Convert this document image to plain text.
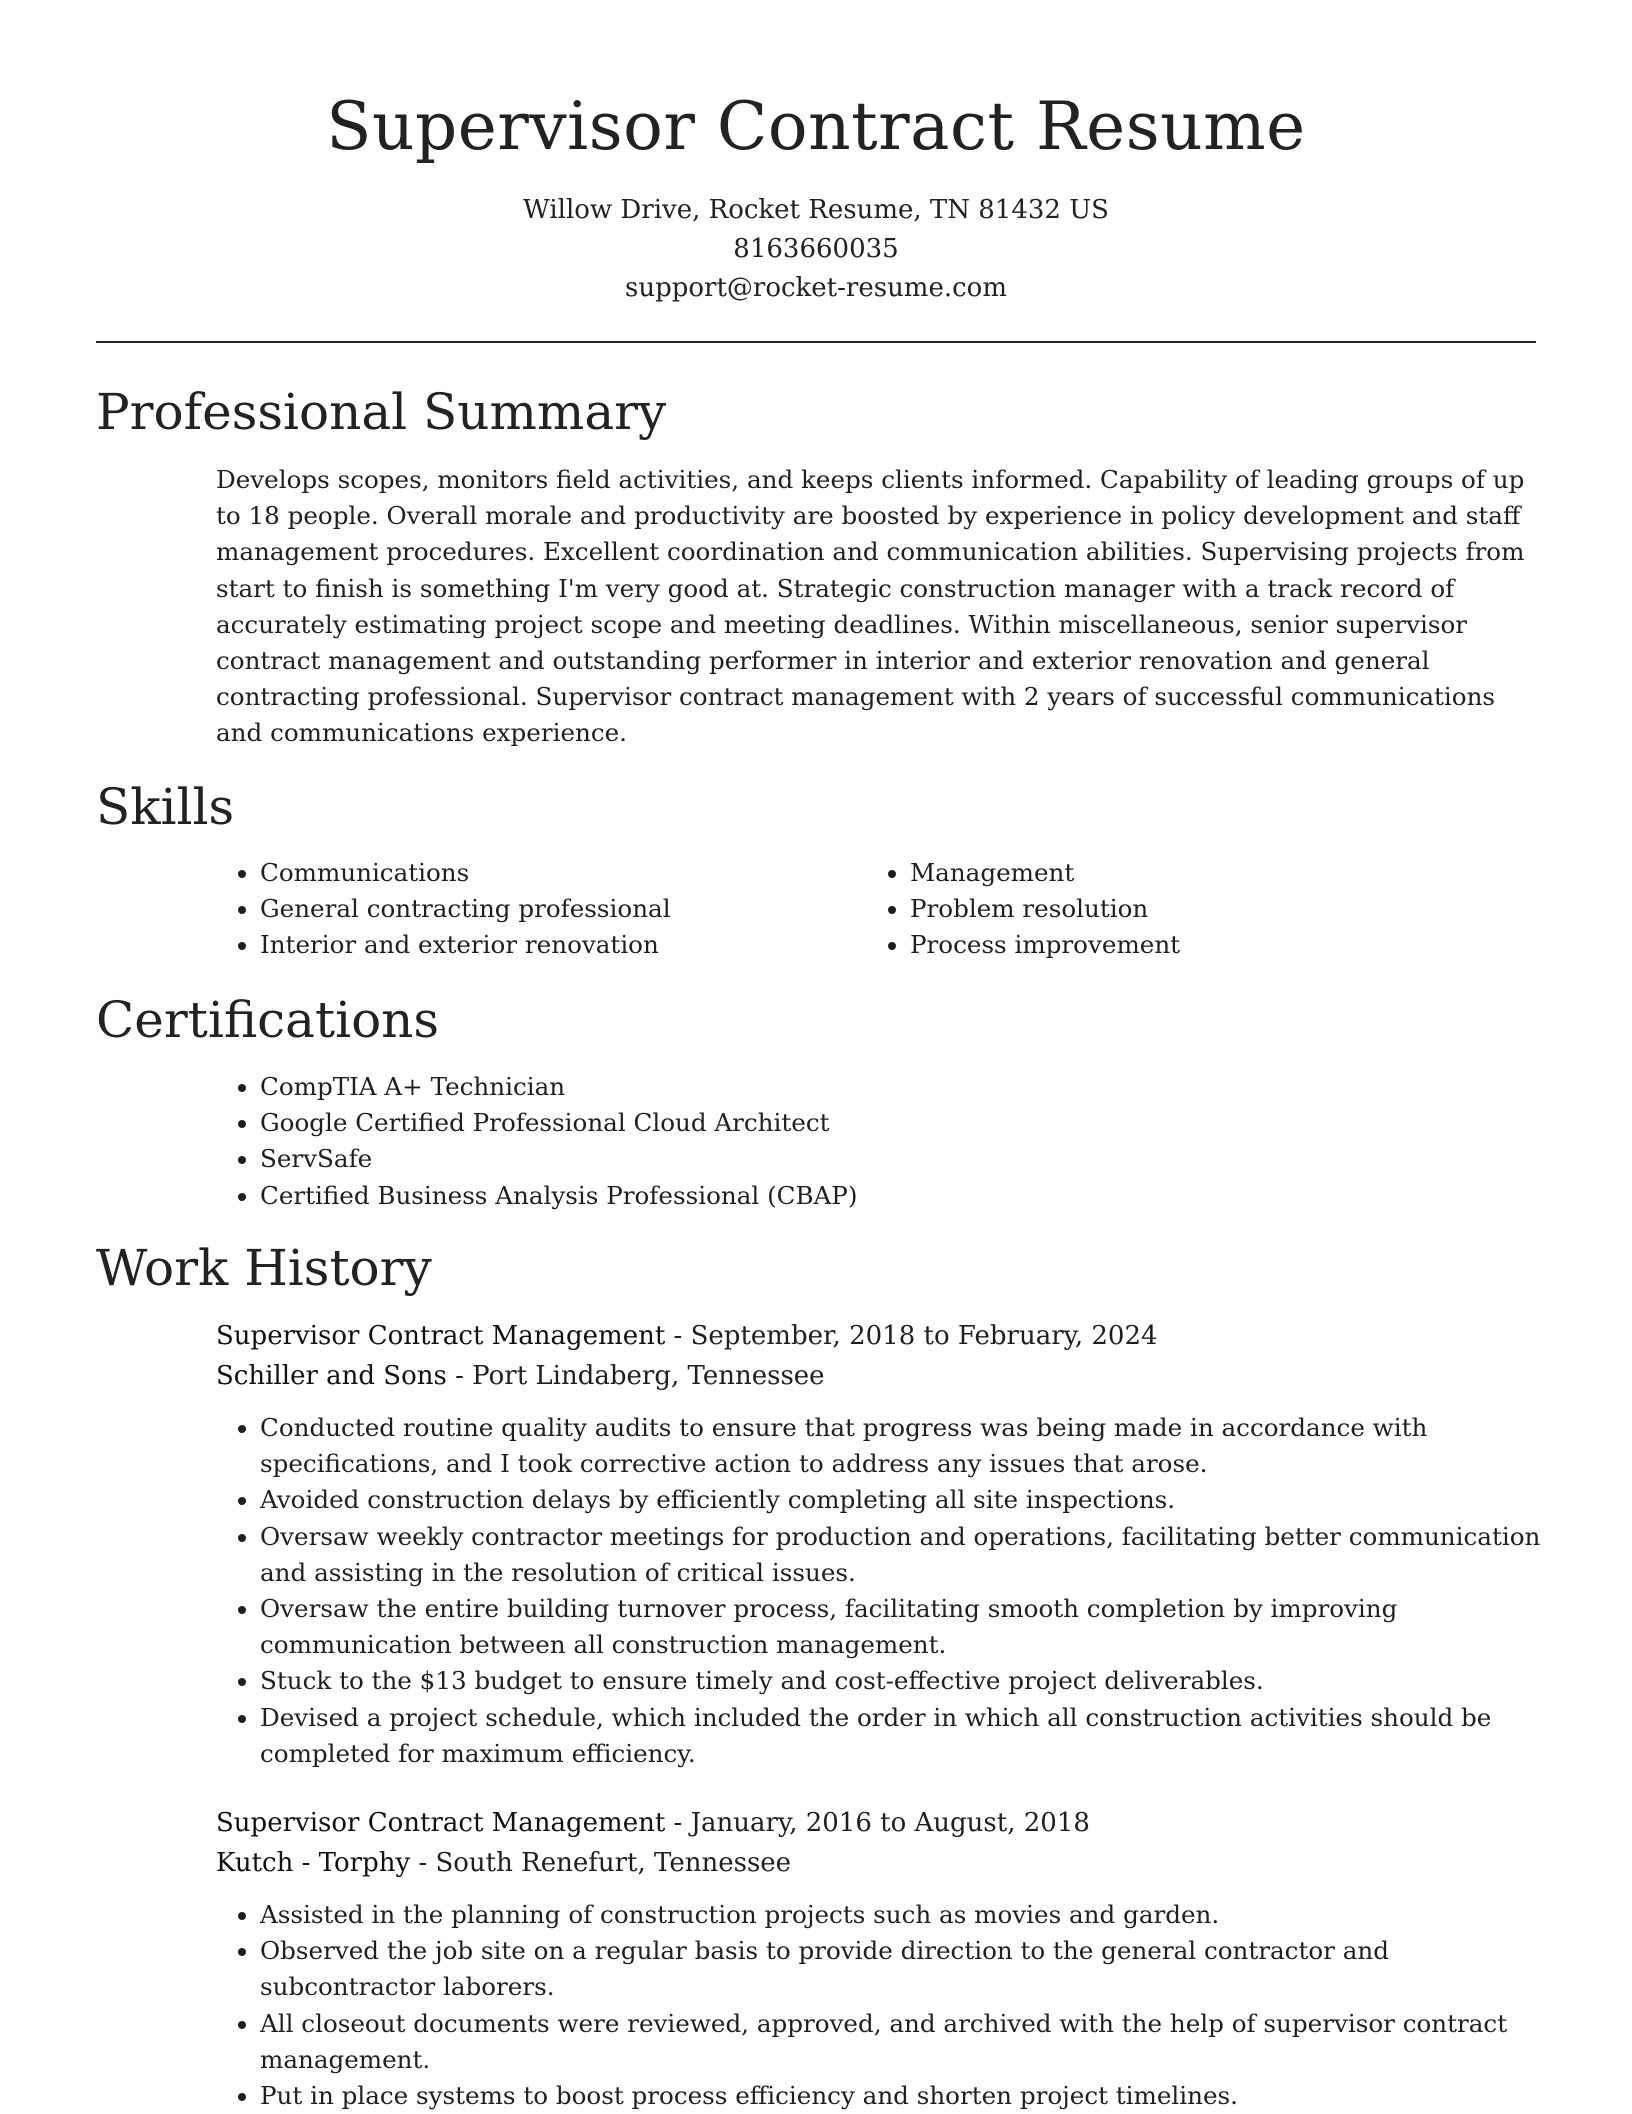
Supervisor Contract Resume
Willow Drive, Rocket Resume, TN 81432 US
8163660035
support@rocket-resume.com
Professional Summary

Develops scopes, monitors field activities, and keeps clients informed. Capability of leading groups of up to 18 people. Overall morale and productivity are boosted by experience in policy development and staff management procedures. Excellent coordination and communication abilities. Supervising projects from start to finish is something I'm very good at. Strategic construction manager with a track record of accurately estimating project scope and meeting deadlines. Within miscellaneous, senior supervisor contract management and outstanding performer in interior and exterior renovation and general contracting professional. Supervisor contract management with 2 years of successful communications and communications experience.

Skills
• Communications
• General contracting professional
• Interior and exterior renovation
• Management
• Problem resolution
• Process improvement
Certifications
• CompTIA A+ Technician
• Google Certified Professional Cloud Architect
• ServSafe
• Certified Business Analysis Professional (CBAP)
Work History
Supervisor Contract Management - September, 2018 to February, 2024
Schiller and Sons - Port Lindaberg, Tennessee
• Conducted routine quality audits to ensure that progress was being made in accordance with specifications, and I took corrective action to address any issues that arose.
• Avoided construction delays by efficiently completing all site inspections.
• Oversaw weekly contractor meetings for production and operations, facilitating better communication and assisting in the resolution of critical issues.
• Oversaw the entire building turnover process, facilitating smooth completion by improving communication between all construction management.
• Stuck to the $13 budget to ensure timely and cost-effective project deliverables.
• Devised a project schedule, which included the order in which all construction activities should be completed for maximum efficiency.
Supervisor Contract Management - January, 2016 to August, 2018
Kutch - Torphy - South Renefurt, Tennessee
• Assisted in the planning of construction projects such as movies and garden.
• Observed the job site on a regular basis to provide direction to the general contractor and subcontractor laborers.
• All closeout documents were reviewed, approved, and archived with the help of supervisor contract management.
• Put in place systems to boost process efficiency and shorten project timelines.
